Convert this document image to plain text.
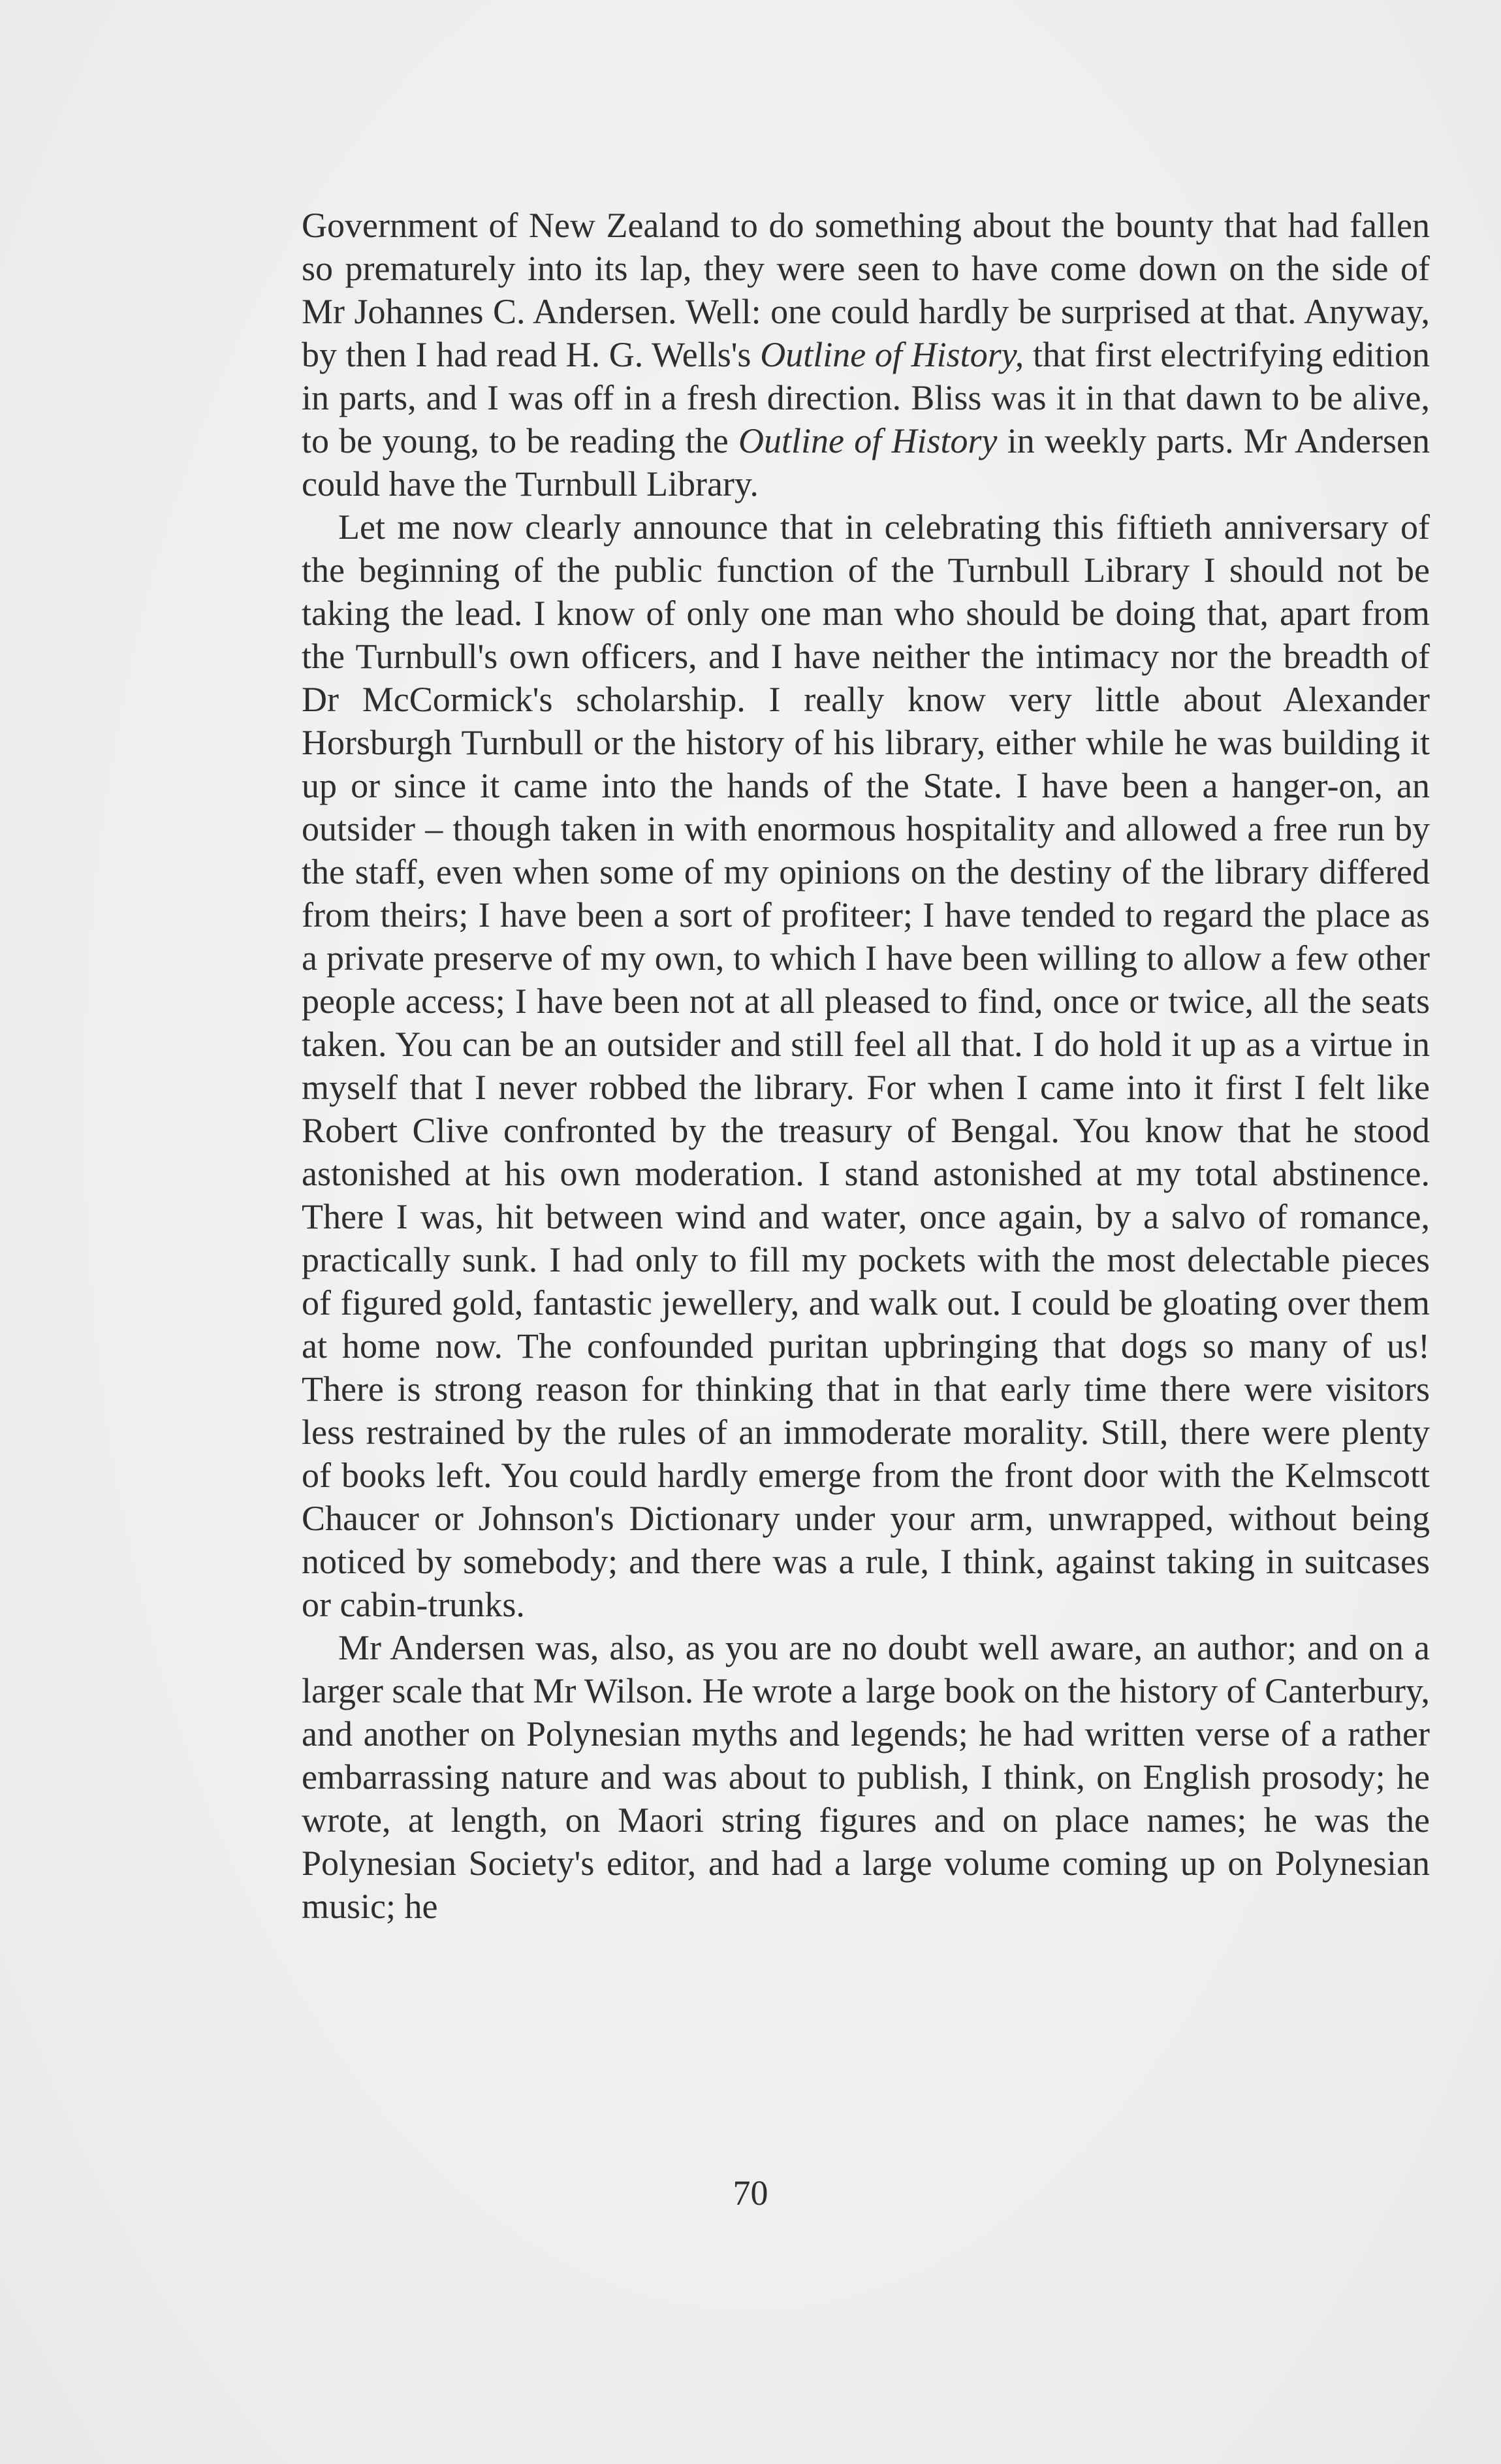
Government of New Zealand to do something about the bounty that had fallen so prematurely into its lap, they were seen to have come down on the side of Mr Johannes C. Andersen. Well: one could hardly be surprised at that. Anyway, by then I had read H. G. Wells's Outline of History, that first electrifying edition in parts, and I was off in a fresh direction. Bliss was it in that dawn to be alive, to be young, to be reading the Outline of History in weekly parts. Mr Andersen could have the Turnbull Library.

Let me now clearly announce that in celebrating this fiftieth anniversary of the beginning of the public function of the Turnbull Library I should not be taking the lead. I know of only one man who should be doing that, apart from the Turnbull's own officers, and I have neither the intimacy nor the breadth of Dr McCormick's scholarship. I really know very little about Alexander Horsburgh Turnbull or the history of his library, either while he was building it up or since it came into the hands of the State. I have been a hanger-on, an outsider – though taken in with enormous hospitality and allowed a free run by the staff, even when some of my opinions on the destiny of the library differed from theirs; I have been a sort of profiteer; I have tended to regard the place as a private preserve of my own, to which I have been willing to allow a few other people access; I have been not at all pleased to find, once or twice, all the seats taken. You can be an outsider and still feel all that. I do hold it up as a virtue in myself that I never robbed the library. For when I came into it first I felt like Robert Clive confronted by the treasury of Bengal. You know that he stood astonished at his own moderation. I stand astonished at my total abstinence. There I was, hit between wind and water, once again, by a salvo of romance, practically sunk. I had only to fill my pockets with the most delectable pieces of figured gold, fantastic jewellery, and walk out. I could be gloating over them at home now. The confounded puritan upbringing that dogs so many of us! There is strong reason for thinking that in that early time there were visitors less restrained by the rules of an immoderate morality. Still, there were plenty of books left. You could hardly emerge from the front door with the Kelmscott Chaucer or Johnson's Dictionary under your arm, unwrapped, without being noticed by somebody; and there was a rule, I think, against taking in suitcases or cabin-trunks.

Mr Andersen was, also, as you are no doubt well aware, an author; and on a larger scale that Mr Wilson. He wrote a large book on the history of Canterbury, and another on Polynesian myths and legends; he had written verse of a rather embarrassing nature and was about to publish, I think, on English prosody; he wrote, at length, on Maori string figures and on place names; he was the Polynesian Society's editor, and had a large volume coming up on Polynesian music; he

70
